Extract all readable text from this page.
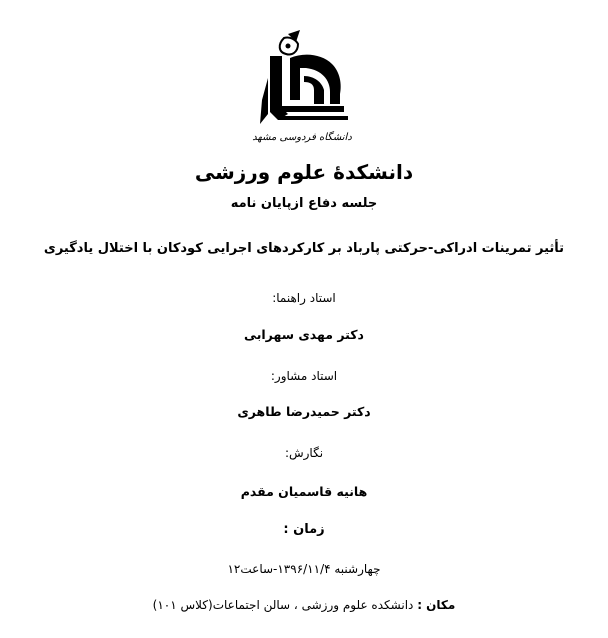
دانشگاه فردوسی مشهد
دانشکدهٔ علوم ورزشی
جلسه دفاع ازپایان نامه
تأثیر تمرینات ادراکی-حرکتی پارباد بر کارکردهای اجرایی کودکان با اختلال یادگیری
استاد راهنما:
دکتر مهدی سهرابی
استاد مشاور:
دکتر حمیدرضا طاهری
نگارش:
هانیه قاسمیان مقدم
زمان :
چهارشنبه ۱۳۹۶/۱۱/۴-ساعت۱۲
مکان : دانشکده علوم ورزشی ، سالن اجتماعات(کلاس ۱۰۱)
